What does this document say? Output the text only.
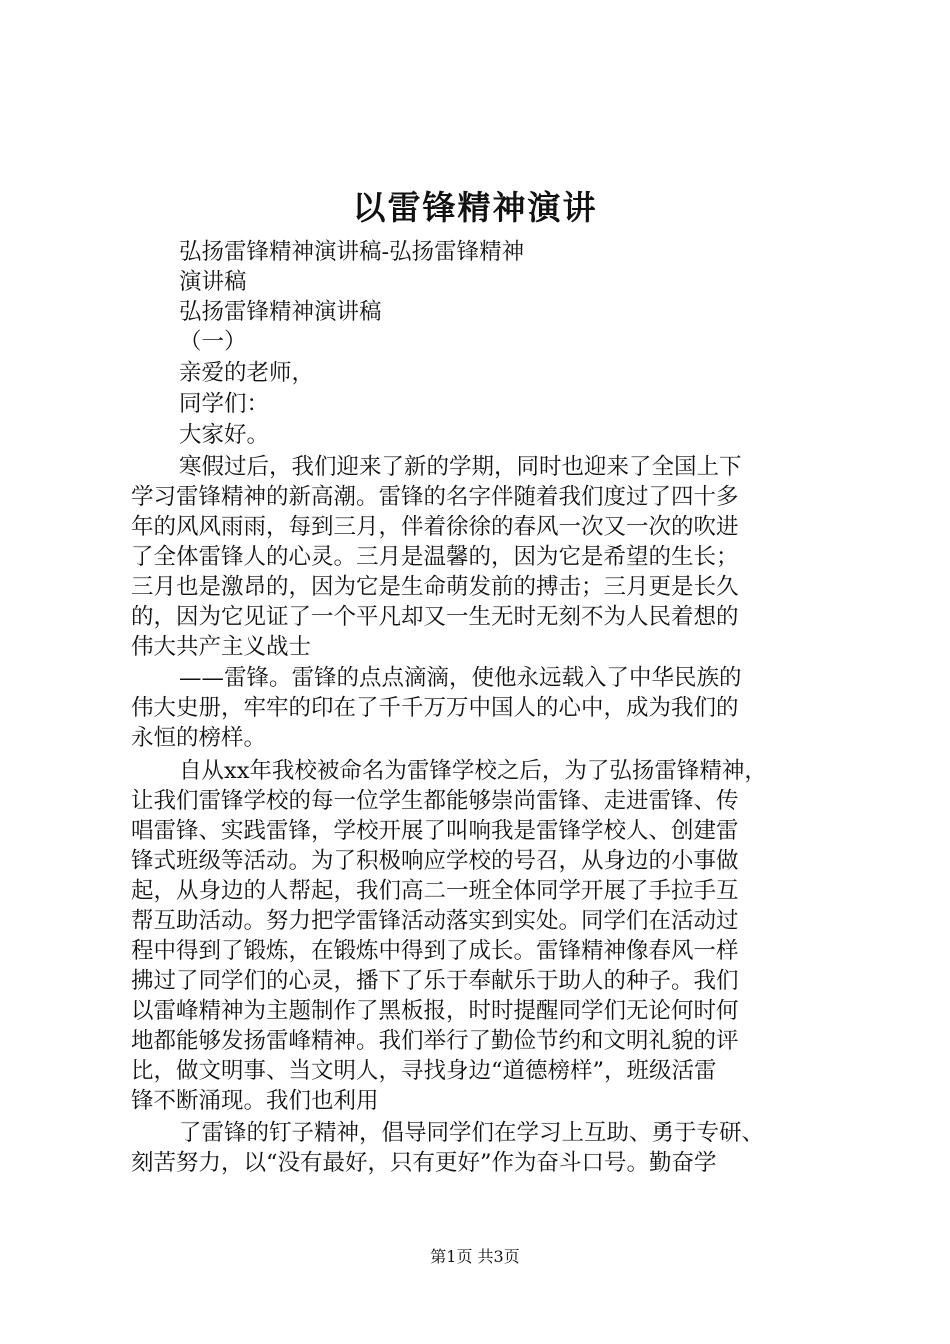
以雷锋精神演讲
弘扬雷锋精神演讲稿-弘扬雷锋精神
演讲稿
弘扬雷锋精神演讲稿
（一）
亲爱的老师，
同学们：
大家好。
寒假过后，我们迎来了新的学期，同时也迎来了全国上下
学习雷锋精神的新高潮。雷锋的名字伴随着我们度过了四十多
年的风风雨雨，每到三月，伴着徐徐的春风一次又一次的吹进
了全体雷锋人的心灵。三月是温馨的，因为它是希望的生长；
三月也是激昂的，因为它是生命萌发前的搏击；三月更是长久
的，因为它见证了一个平凡却又一生无时无刻不为人民着想的
伟大共产主义战士
——雷锋。雷锋的点点滴滴，使他永远载入了中华民族的
伟大史册，牢牢的印在了千千万万中国人的心中，成为我们的
永恒的榜样。
自从xx年我校被命名为雷锋学校之后，为了弘扬雷锋精神，
让我们雷锋学校的每一位学生都能够崇尚雷锋、走进雷锋、传
唱雷锋、实践雷锋，学校开展了叫响我是雷锋学校人、创建雷
锋式班级等活动。为了积极响应学校的号召，从身边的小事做
起，从身边的人帮起，我们高二一班全体同学开展了手拉手互
帮互助活动。努力把学雷锋活动落实到实处。同学们在活动过
程中得到了锻炼，在锻炼中得到了成长。雷锋精神像春风一样
拂过了同学们的心灵，播下了乐于奉献乐于助人的种子。我们
以雷峰精神为主题制作了黑板报，时时提醒同学们无论何时何
地都能够发扬雷峰精神。我们举行了勤俭节约和文明礼貌的评
比，做文明事、当文明人，寻找身边“道德榜样”，班级活雷
锋不断涌现。我们也利用
了雷锋的钉子精神，倡导同学们在学习上互助、勇于专研、
刻苦努力，以“没有最好，只有更好”作为奋斗口号。勤奋学
第1页 共3页
